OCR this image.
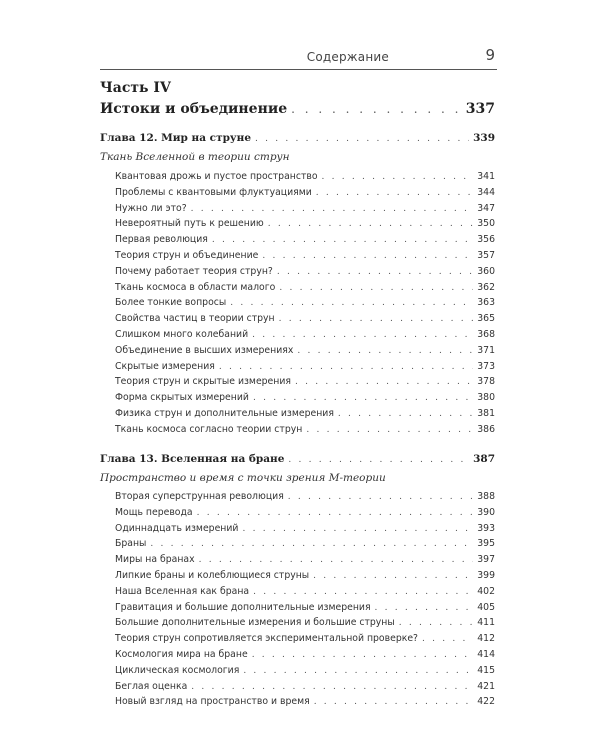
Содержание	9
Часть IV
Истоки и объединение . . .	337
Глава 12. Мир на струне . . .	339
Ткань Вселенной в теории струн
Квантовая дрожь и пустое пространство . . .	341
Проблемы с квантовыми флуктуациями . . .	344
Нужно ли это? . . .	347
Невероятный путь к решению . . .	350
Первая революция . . .	356
Теория струн и объединение . . .	357
Почему работает теория струн? . . .	360
Ткань космоса в области малого . . .	362
Более тонкие вопросы . . .	363
Свойства частиц в теории струн . . .	365
Слишком много колебаний . . .	368
Объединение в высших измерениях . . .	371
Скрытые измерения . . .	373
Теория струн и скрытые измерения . . .	378
Форма скрытых измерений . . .	380
Физика струн и дополнительные измерения . . .	381
Ткань космоса согласно теории струн . . .	386
Глава 13. Вселенная на бране . . .	387
Пространство и время с точки зрения М-теории
Вторая суперструнная революция . . .	388
Мощь перевода . . .	390
Одиннадцать измерений . . .	393
Браны . . .	395
Миры на бранах . . .	397
Липкие браны и колеблющиеся струны . . .	399
Наша Вселенная как брана . . .	402
Гравитация и большие дополнительные измерения . . .	405
Большие дополнительные измерения и большие струны . . .	411
Теория струн сопротивляется экспериментальной проверке? . . .	412
Космология мира на бране . . .	414
Циклическая космология . . .	415
Беглая оценка . . .	421
Новый взгляд на пространство и время . . .	422
